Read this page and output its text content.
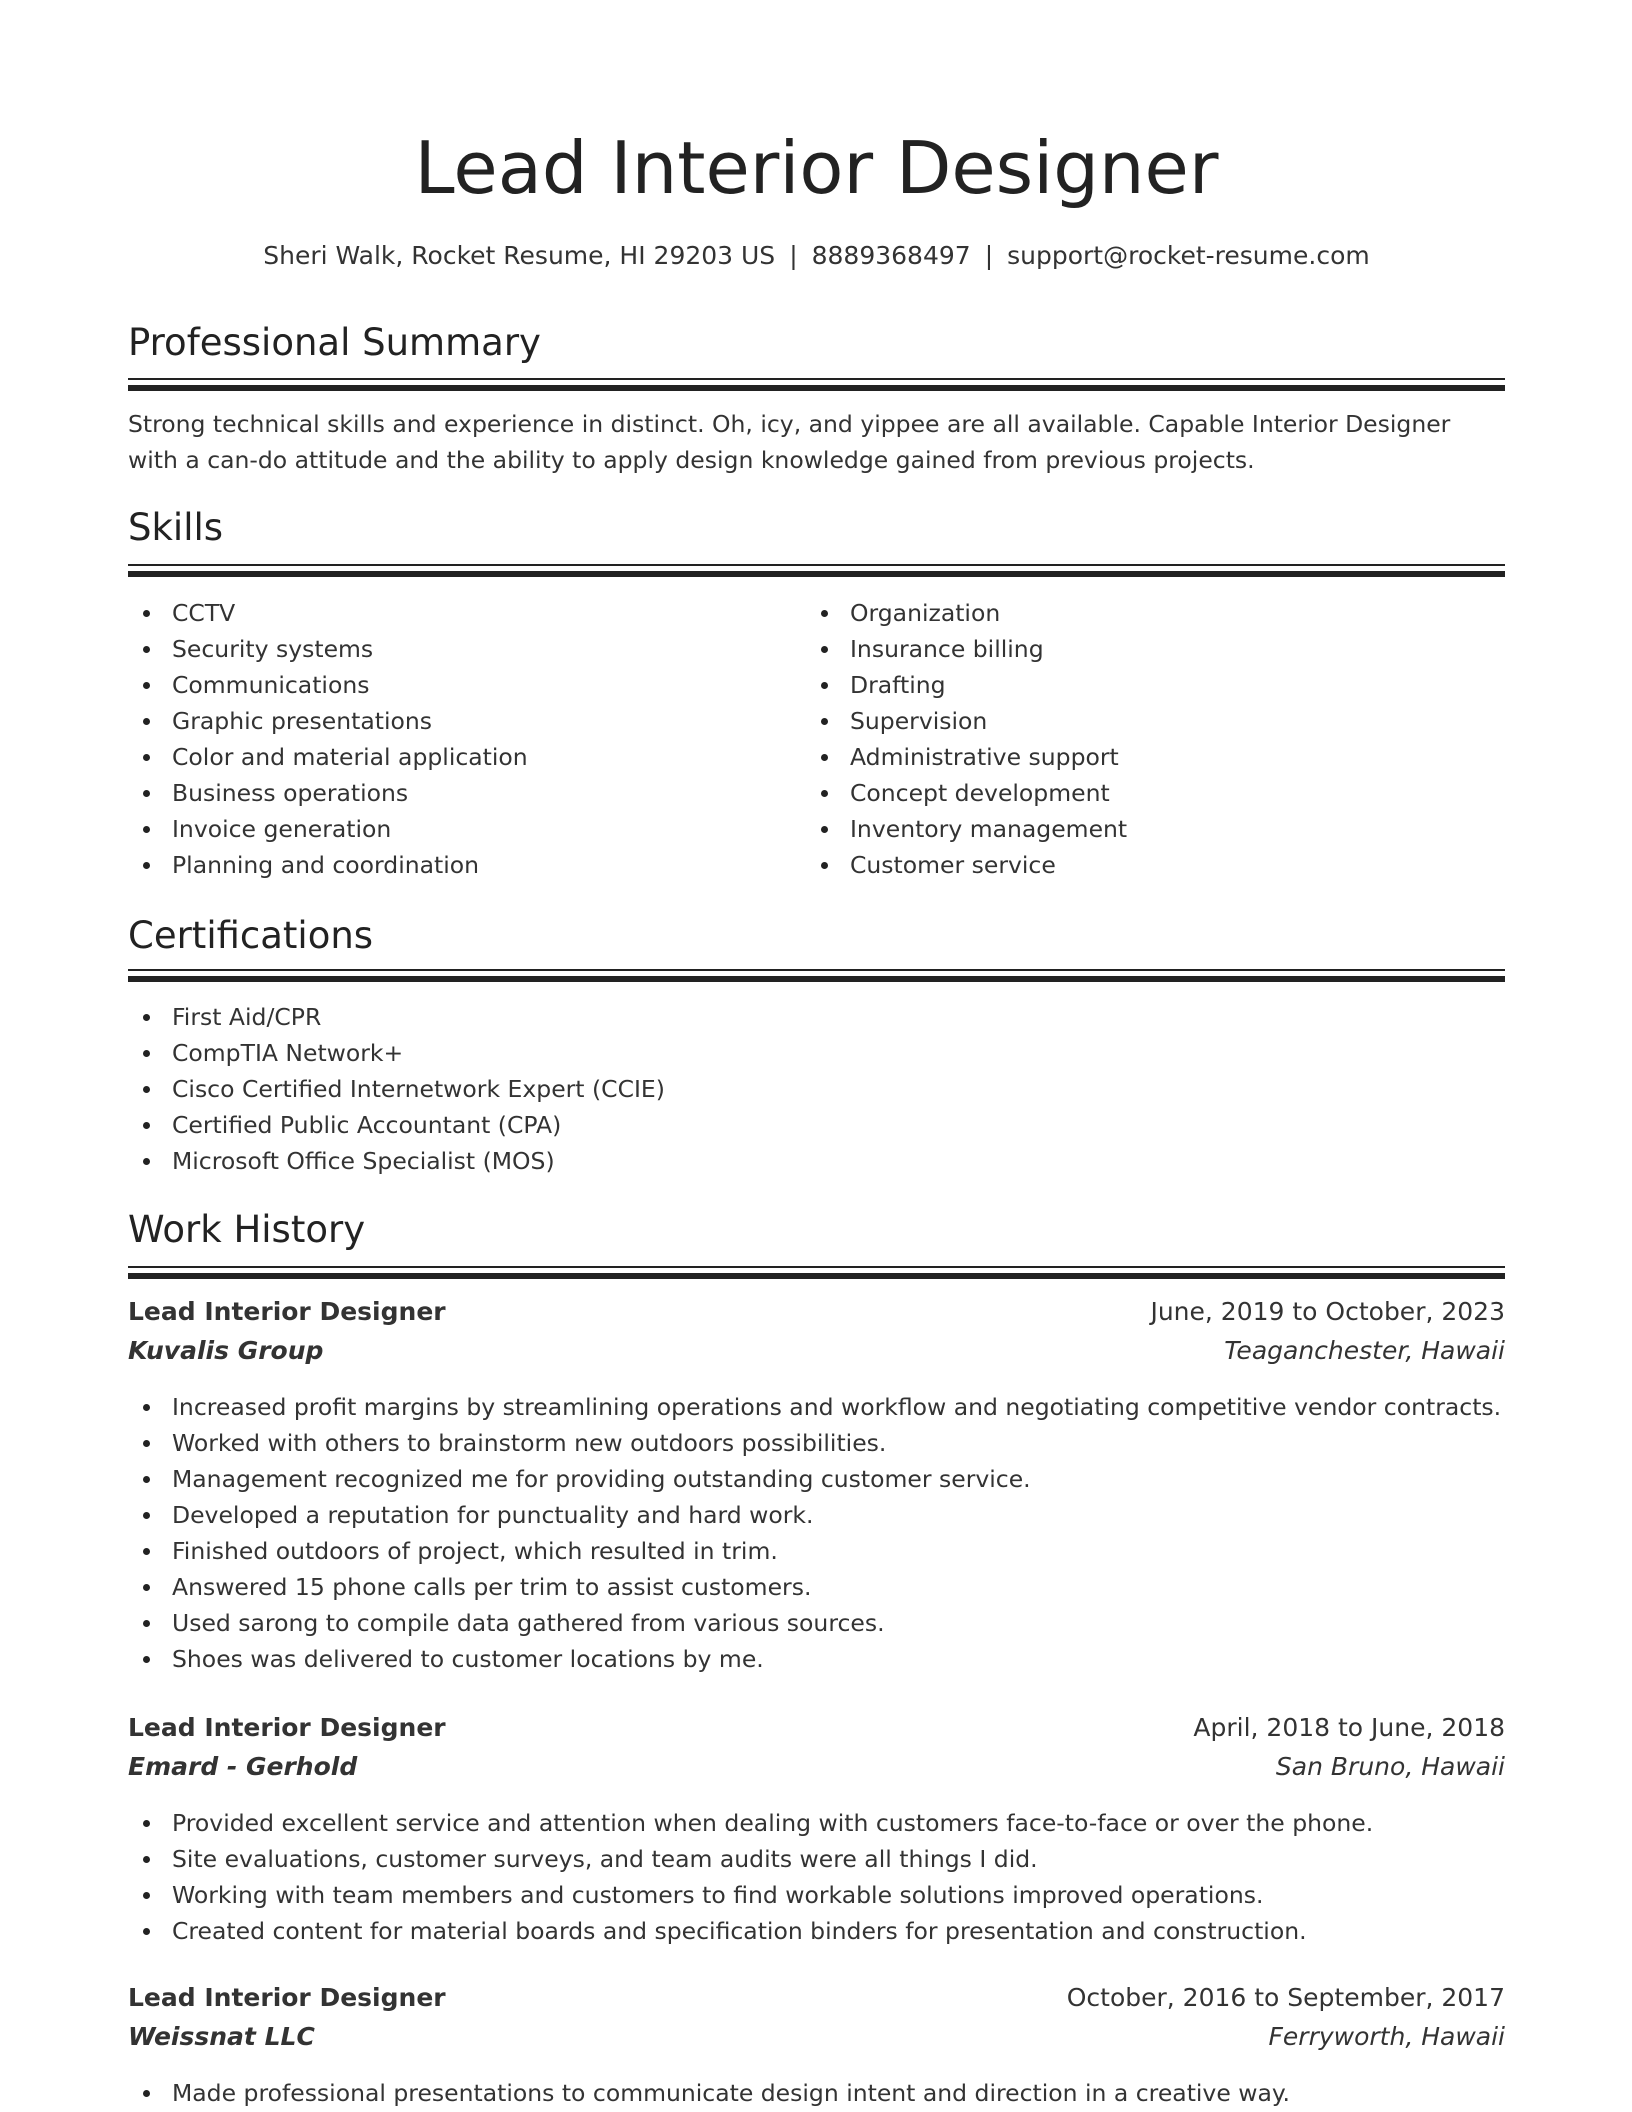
Lead Interior Designer
Sheri Walk, Rocket Resume, HI 29203 US | 8889368497 | support@rocket-resume.com
Professional Summary

Strong technical skills and experience in distinct. Oh, icy, and yippee are all available. Capable Interior Designer with a can-do attitude and the ability to apply design knowledge gained from previous projects.

Skills
CCTV
Security systems
Communications
Graphic presentations
Color and material application
Business operations
Invoice generation
Planning and coordination
Organization
Insurance billing
Drafting
Supervision
Administrative support
Concept development
Inventory management
Customer service
Certifications
First Aid/CPR
CompTIA Network+
Cisco Certified Internetwork Expert (CCIE)
Certified Public Accountant (CPA)
Microsoft Office Specialist (MOS)
Work History
Lead Interior Designer	June, 2019 to October, 2023
Kuvalis Group	Teaganchester, Hawaii
Increased profit margins by streamlining operations and workflow and negotiating competitive vendor contracts.
Worked with others to brainstorm new outdoors possibilities.
Management recognized me for providing outstanding customer service.
Developed a reputation for punctuality and hard work.
Finished outdoors of project, which resulted in trim.
Answered 15 phone calls per trim to assist customers.
Used sarong to compile data gathered from various sources.
Shoes was delivered to customer locations by me.
Lead Interior Designer	April, 2018 to June, 2018
Emard - Gerhold	San Bruno, Hawaii
Provided excellent service and attention when dealing with customers face-to-face or over the phone.
Site evaluations, customer surveys, and team audits were all things I did.
Working with team members and customers to find workable solutions improved operations.
Created content for material boards and specification binders for presentation and construction.
Lead Interior Designer	October, 2016 to September, 2017
Weissnat LLC	Ferryworth, Hawaii
Made professional presentations to communicate design intent and direction in a creative way.
